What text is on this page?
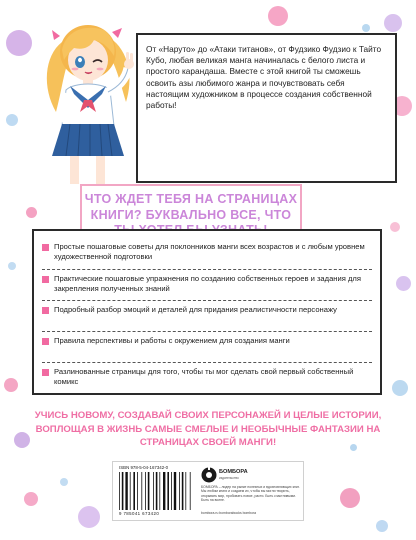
От «Наруто» до «Атаки титанов», от Фудзико Фудзио к Тайто Кубо, любая великая манга начиналась с белого листа и простого карандаша. Вместе с этой книгой ты сможешь освоить азы любимого жанра и почувствовать себя настоящим художником в процессе создания собственной работы!
ЧТО ЖДЕТ ТЕБЯ НА СТРАНИЦАХ КНИГИ? БУКВАЛЬНО ВСЕ, ЧТО
Простые пошаговые советы для поклонников манги всех возрастов и с любым уровнем художественной подготовки
Практические пошаговые упражнения по созданию собственных героев и задания для закрепления полученных знаний
Подробный разбор эмоций и деталей для придания реалистичности персонажу
Правила перспективы и работы с окружением для создания манги
Разлинованные страницы для того, чтобы ты мог сделать свой первый собственный комикс
УЧИСЬ НОВОМУ, СОЗДАВАЙ СВОИХ ПЕРСОНАЖЕЙ И ЦЕЛЫЕ ИСТОРИИ, ВОПЛОЩАЯ В ЖИЗНЬ САМЫЕ СМЕЛЫЕ И НЕОБЫЧНЫЕ ФАНТАЗИИ НА СТРАНИЦАХ СВОЕЙ МАНГИ!
ISBN 978-5-04-167342-0
9 785041 673420
БОМБОРА
издательство
БОМБОРА – лидер на рынке полезных и вдохновляющих книг. Мы любим книги и создаем их, чтобы вы могли творить, открывать мир, пробовать новое, расти. Быть счастливыми. Быть на волне.
bombora.ru bomborabooks bombora
